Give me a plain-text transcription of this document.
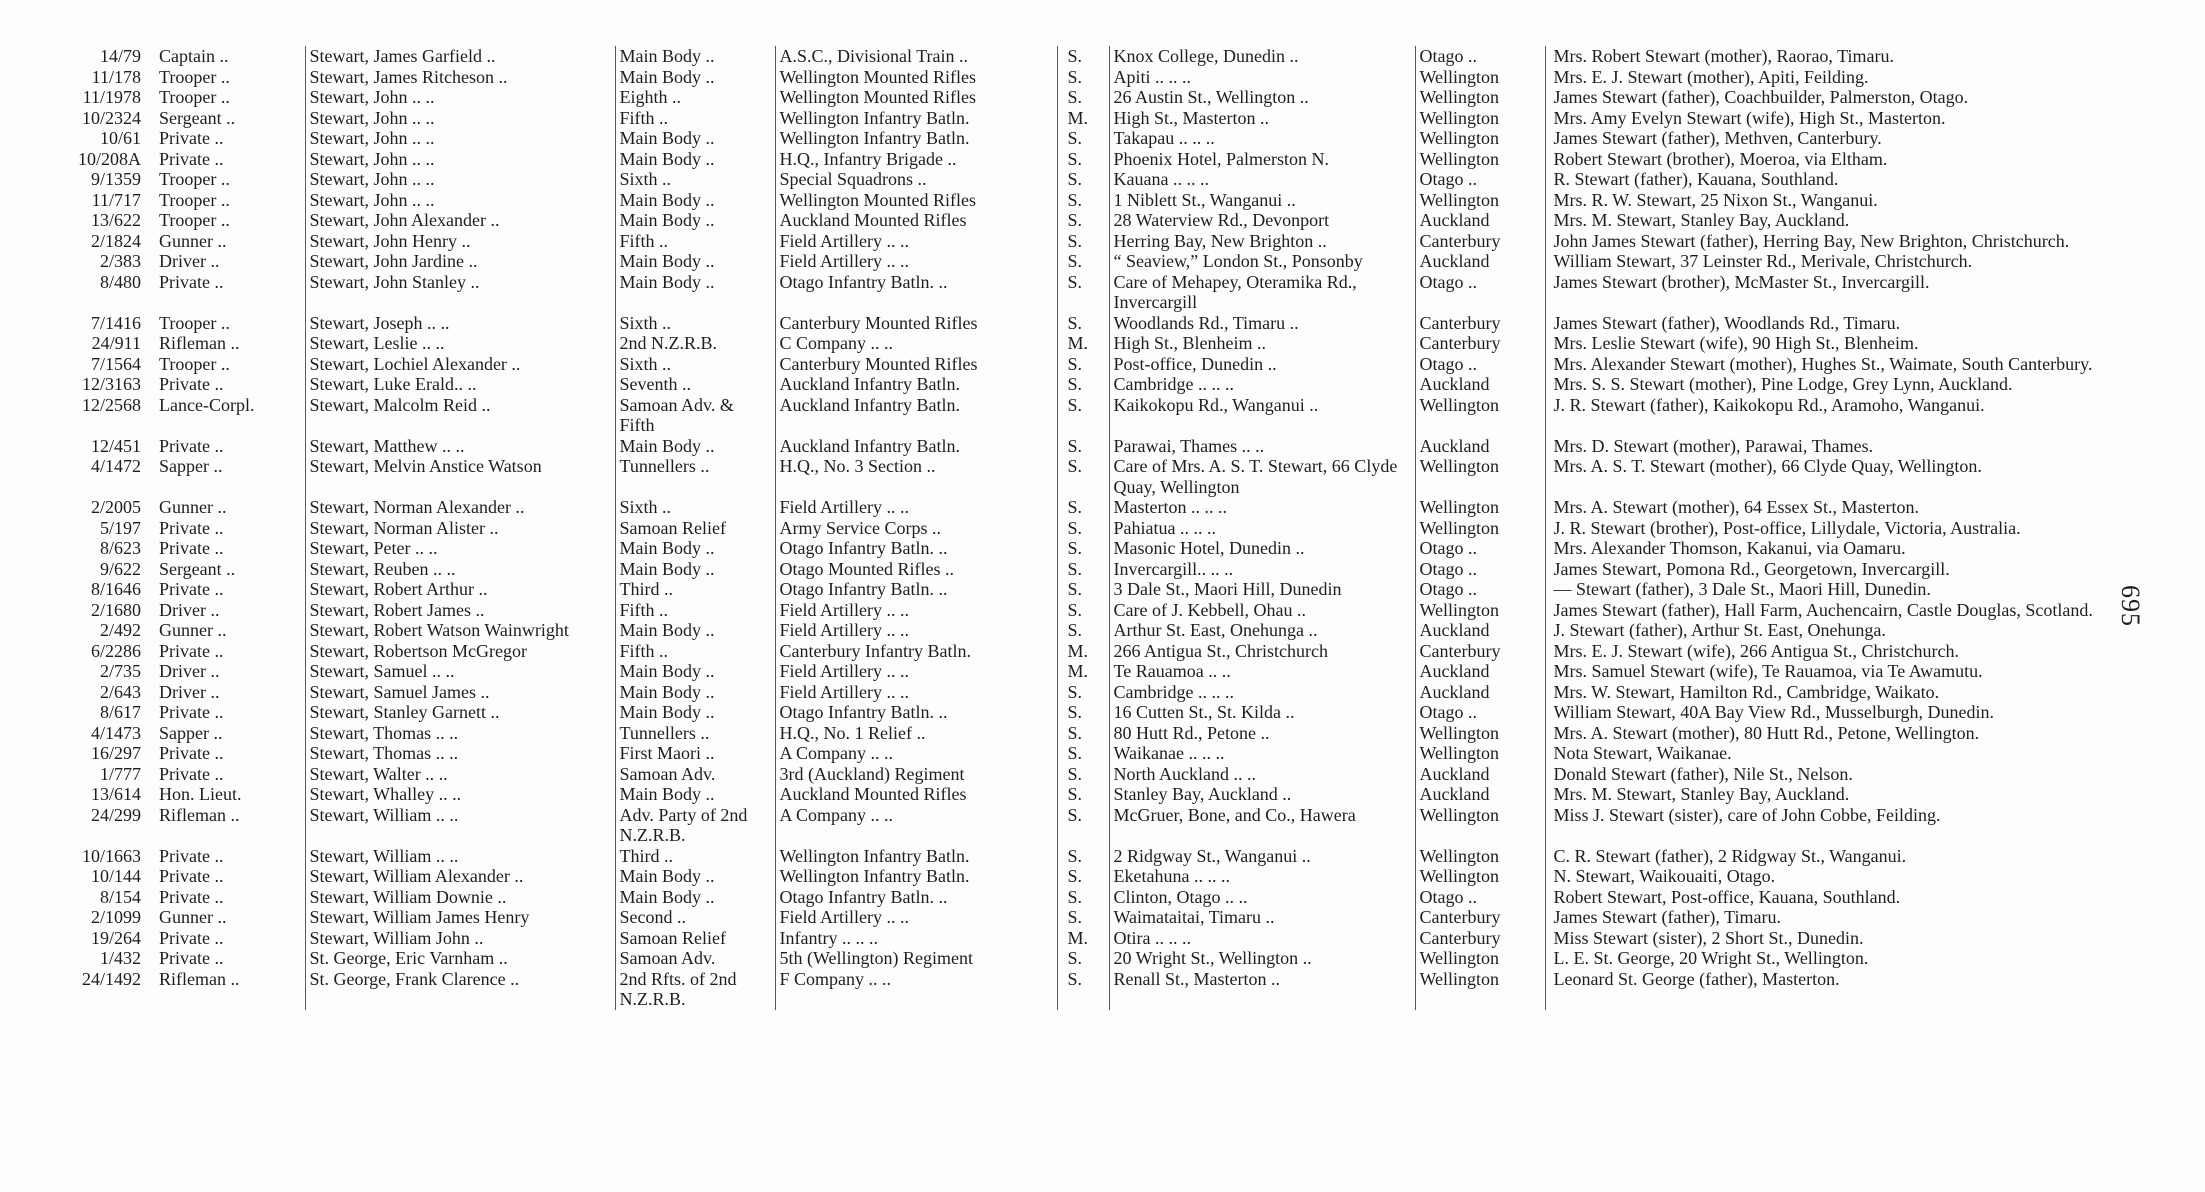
14/79	Captain ..	Stewart, James Garfield ..	Main Body ..	A.S.C., Divisional Train ..	S.	Knox College, Dunedin ..	Otago ..	Mrs. Robert Stewart (mother), Raorao, Timaru.
11/178	Trooper ..	Stewart, James Ritcheson ..	Main Body ..	Wellington Mounted Rifles	S.	Apiti .. .. ..	Wellington	Mrs. E. J. Stewart (mother), Apiti, Feilding.
11/1978	Trooper ..	Stewart, John .. ..	Eighth ..	Wellington Mounted Rifles	S.	26 Austin St., Wellington ..	Wellington	James Stewart (father), Coachbuilder, Palmerston, Otago.
10/2324	Sergeant ..	Stewart, John .. ..	Fifth ..	Wellington Infantry Batln.	M.	High St., Masterton ..	Wellington	Mrs. Amy Evelyn Stewart (wife), High St., Masterton.
10/61	Private ..	Stewart, John .. ..	Main Body ..	Wellington Infantry Batln.	S.	Takapau .. .. ..	Wellington	James Stewart (father), Methven, Canterbury.
10/208A	Private ..	Stewart, John .. ..	Main Body ..	H.Q., Infantry Brigade ..	S.	Phoenix Hotel, Palmerston N.	Wellington	Robert Stewart (brother), Moeroa, via Eltham.
9/1359	Trooper ..	Stewart, John .. ..	Sixth ..	Special Squadrons ..	S.	Kauana .. .. ..	Otago ..	R. Stewart (father), Kauana, Southland.
11/717	Trooper ..	Stewart, John .. ..	Main Body ..	Wellington Mounted Rifles	S.	1 Niblett St., Wanganui ..	Wellington	Mrs. R. W. Stewart, 25 Nixon St., Wanganui.
13/622	Trooper ..	Stewart, John Alexander ..	Main Body ..	Auckland Mounted Rifles	S.	28 Waterview Rd., Devonport	Auckland	Mrs. M. Stewart, Stanley Bay, Auckland.
2/1824	Gunner ..	Stewart, John Henry ..	Fifth ..	Field Artillery .. ..	S.	Herring Bay, New Brighton ..	Canterbury	John James Stewart (father), Herring Bay, New Brighton, Christchurch.
2/383	Driver ..	Stewart, John Jardine ..	Main Body ..	Field Artillery .. ..	S.	“ Seaview,” London St., Ponsonby	Auckland	William Stewart, 37 Leinster Rd., Merivale, Christchurch.
8/480	Private ..	Stewart, John Stanley ..	Main Body ..	Otago Infantry Batln. ..	S.	Care of Mehapey, Oteramika Rd., Invercargill	Otago ..	James Stewart (brother), McMaster St., Invercargill.
7/1416	Trooper ..	Stewart, Joseph .. ..	Sixth ..	Canterbury Mounted Rifles	S.	Woodlands Rd., Timaru ..	Canterbury	James Stewart (father), Woodlands Rd., Timaru.
24/911	Rifleman ..	Stewart, Leslie .. ..	2nd N.Z.R.B.	C Company .. ..	M.	High St., Blenheim ..	Canterbury	Mrs. Leslie Stewart (wife), 90 High St., Blenheim.
7/1564	Trooper ..	Stewart, Lochiel Alexander ..	Sixth ..	Canterbury Mounted Rifles	S.	Post-office, Dunedin ..	Otago ..	Mrs. Alexander Stewart (mother), Hughes St., Waimate, South Canterbury.
12/3163	Private ..	Stewart, Luke Erald.. ..	Seventh ..	Auckland Infantry Batln.	S.	Cambridge .. .. ..	Auckland	Mrs. S. S. Stewart (mother), Pine Lodge, Grey Lynn, Auckland.
12/2568	Lance-Corpl.	Stewart, Malcolm Reid ..	Samoan Adv. & Fifth	Auckland Infantry Batln.	S.	Kaikokopu Rd., Wanganui ..	Wellington	J. R. Stewart (father), Kaikokopu Rd., Aramoho, Wanganui.
12/451	Private ..	Stewart, Matthew .. ..	Main Body ..	Auckland Infantry Batln.	S.	Parawai, Thames .. ..	Auckland	Mrs. D. Stewart (mother), Parawai, Thames.
4/1472	Sapper ..	Stewart, Melvin Anstice Watson	Tunnellers ..	H.Q., No. 3 Section ..	S.	Care of Mrs. A. S. T. Stewart, 66 Clyde Quay, Wellington	Wellington	Mrs. A. S. T. Stewart (mother), 66 Clyde Quay, Wellington.
2/2005	Gunner ..	Stewart, Norman Alexander ..	Sixth ..	Field Artillery .. ..	S.	Masterton .. .. ..	Wellington	Mrs. A. Stewart (mother), 64 Essex St., Masterton.
5/197	Private ..	Stewart, Norman Alister ..	Samoan Relief	Army Service Corps ..	S.	Pahiatua .. .. ..	Wellington	J. R. Stewart (brother), Post-office, Lillydale, Victoria, Australia.
8/623	Private ..	Stewart, Peter .. ..	Main Body ..	Otago Infantry Batln. ..	S.	Masonic Hotel, Dunedin ..	Otago ..	Mrs. Alexander Thomson, Kakanui, via Oamaru.
9/622	Sergeant ..	Stewart, Reuben .. ..	Main Body ..	Otago Mounted Rifles ..	S.	Invercargill.. .. ..	Otago ..	James Stewart, Pomona Rd., Georgetown, Invercargill.
8/1646	Private ..	Stewart, Robert Arthur ..	Third ..	Otago Infantry Batln. ..	S.	3 Dale St., Maori Hill, Dunedin	Otago ..	— Stewart (father), 3 Dale St., Maori Hill, Dunedin.
2/1680	Driver ..	Stewart, Robert James ..	Fifth ..	Field Artillery .. ..	S.	Care of J. Kebbell, Ohau ..	Wellington	James Stewart (father), Hall Farm, Auchencairn, Castle Douglas, Scotland.
2/492	Gunner ..	Stewart, Robert Watson Wainwright	Main Body ..	Field Artillery .. ..	S.	Arthur St. East, Onehunga ..	Auckland	J. Stewart (father), Arthur St. East, Onehunga.
6/2286	Private ..	Stewart, Robertson McGregor	Fifth ..	Canterbury Infantry Batln.	M.	266 Antigua St., Christchurch	Canterbury	Mrs. E. J. Stewart (wife), 266 Antigua St., Christchurch.
2/735	Driver ..	Stewart, Samuel .. ..	Main Body ..	Field Artillery .. ..	M.	Te Rauamoa .. ..	Auckland	Mrs. Samuel Stewart (wife), Te Rauamoa, via Te Awamutu.
2/643	Driver ..	Stewart, Samuel James ..	Main Body ..	Field Artillery .. ..	S.	Cambridge .. .. ..	Auckland	Mrs. W. Stewart, Hamilton Rd., Cambridge, Waikato.
8/617	Private ..	Stewart, Stanley Garnett ..	Main Body ..	Otago Infantry Batln. ..	S.	16 Cutten St., St. Kilda ..	Otago ..	William Stewart, 40A Bay View Rd., Musselburgh, Dunedin.
4/1473	Sapper ..	Stewart, Thomas .. ..	Tunnellers ..	H.Q., No. 1 Relief ..	S.	80 Hutt Rd., Petone ..	Wellington	Mrs. A. Stewart (mother), 80 Hutt Rd., Petone, Wellington.
16/297	Private ..	Stewart, Thomas .. ..	First Maori ..	A Company .. ..	S.	Waikanae .. .. ..	Wellington	Nota Stewart, Waikanae.
1/777	Private ..	Stewart, Walter .. ..	Samoan Adv.	3rd (Auckland) Regiment	S.	North Auckland .. ..	Auckland	Donald Stewart (father), Nile St., Nelson.
13/614	Hon. Lieut.	Stewart, Whalley .. ..	Main Body ..	Auckland Mounted Rifles	S.	Stanley Bay, Auckland ..	Auckland	Mrs. M. Stewart, Stanley Bay, Auckland.
24/299	Rifleman ..	Stewart, William .. ..	Adv. Party of 2nd N.Z.R.B.	A Company .. ..	S.	McGruer, Bone, and Co., Hawera	Wellington	Miss J. Stewart (sister), care of John Cobbe, Feilding.
10/1663	Private ..	Stewart, William .. ..	Third ..	Wellington Infantry Batln.	S.	2 Ridgway St., Wanganui ..	Wellington	C. R. Stewart (father), 2 Ridgway St., Wanganui.
10/144	Private ..	Stewart, William Alexander ..	Main Body ..	Wellington Infantry Batln.	S.	Eketahuna .. .. ..	Wellington	N. Stewart, Waikouaiti, Otago.
8/154	Private ..	Stewart, William Downie ..	Main Body ..	Otago Infantry Batln. ..	S.	Clinton, Otago .. ..	Otago ..	Robert Stewart, Post-office, Kauana, Southland.
2/1099	Gunner ..	Stewart, William James Henry	Second ..	Field Artillery .. ..	S.	Waimataitai, Timaru ..	Canterbury	James Stewart (father), Timaru.
19/264	Private ..	Stewart, William John ..	Samoan Relief	Infantry .. .. ..	M.	Otira .. .. ..	Canterbury	Miss Stewart (sister), 2 Short St., Dunedin.
1/432	Private ..	St. George, Eric Varnham ..	Samoan Adv.	5th (Wellington) Regiment	S.	20 Wright St., Wellington ..	Wellington	L. E. St. George, 20 Wright St., Wellington.
24/1492	Rifleman ..	St. George, Frank Clarence ..	2nd Rfts. of 2nd N.Z.R.B.	F Company .. ..	S.	Renall St., Masterton ..	Wellington	Leonard St. George (father), Masterton.
695
